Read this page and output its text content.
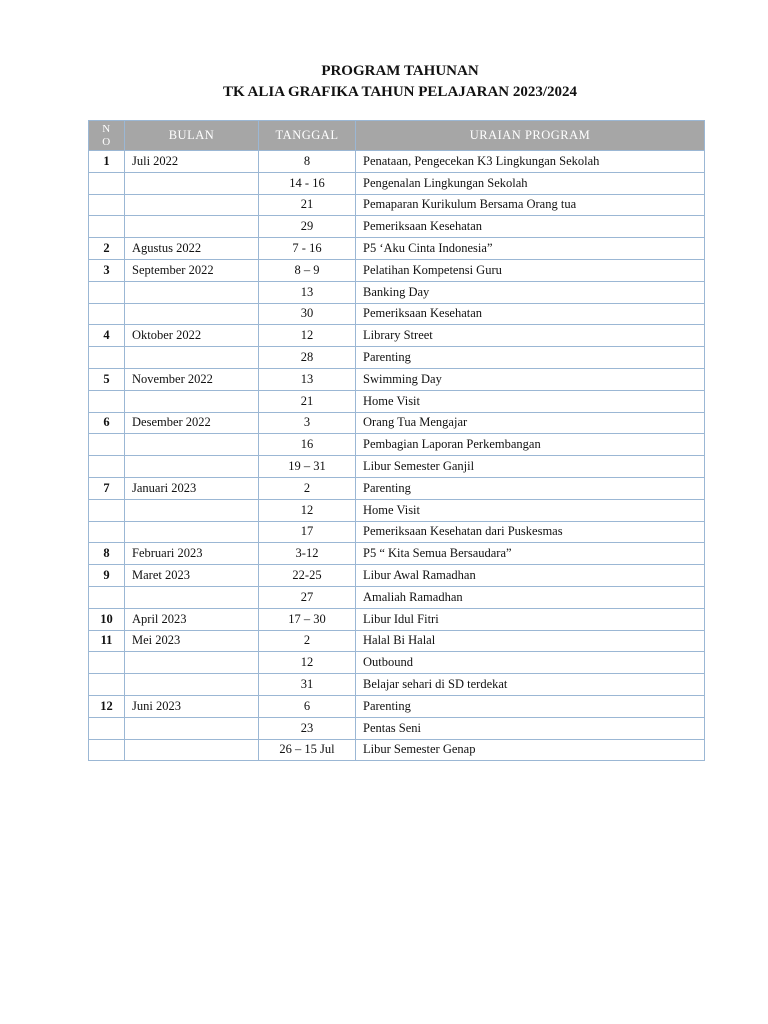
PROGRAM TAHUNAN
TK ALIA GRAFIKA TAHUN PELAJARAN 2023/2024
N
O	BULAN	TANGGAL	URAIAN PROGRAM
1	Juli 2022	8	Penataan, Pengecekan K3 Lingkungan Sekolah
		14 - 16	Pengenalan Lingkungan Sekolah
		21	Pemaparan Kurikulum Bersama Orang tua
		29	Pemeriksaan Kesehatan
2	Agustus 2022	7 - 16	P5 ‘Aku Cinta Indonesia”
3	September 2022	8 – 9	Pelatihan Kompetensi Guru
		13	Banking Day
		30	Pemeriksaan Kesehatan
4	Oktober 2022	12	Library Street
		28	Parenting
5	November 2022	13	Swimming Day
		21	Home Visit
6	Desember 2022	3	Orang Tua Mengajar
		16	Pembagian Laporan Perkembangan
		19 – 31	Libur Semester Ganjil
7	Januari 2023	2	Parenting
		12	Home Visit
		17	Pemeriksaan Kesehatan dari Puskesmas
8	Februari 2023	3-12	P5 “ Kita Semua Bersaudara”
9	Maret 2023	22-25	Libur Awal Ramadhan
		27	Amaliah Ramadhan
10	April 2023	17 – 30	Libur Idul Fitri
11	Mei 2023	2	Halal Bi Halal
		12	Outbound
		31	Belajar sehari di SD terdekat
12	Juni 2023	6	Parenting
		23	Pentas Seni
		26 – 15 Jul	Libur Semester Genap
